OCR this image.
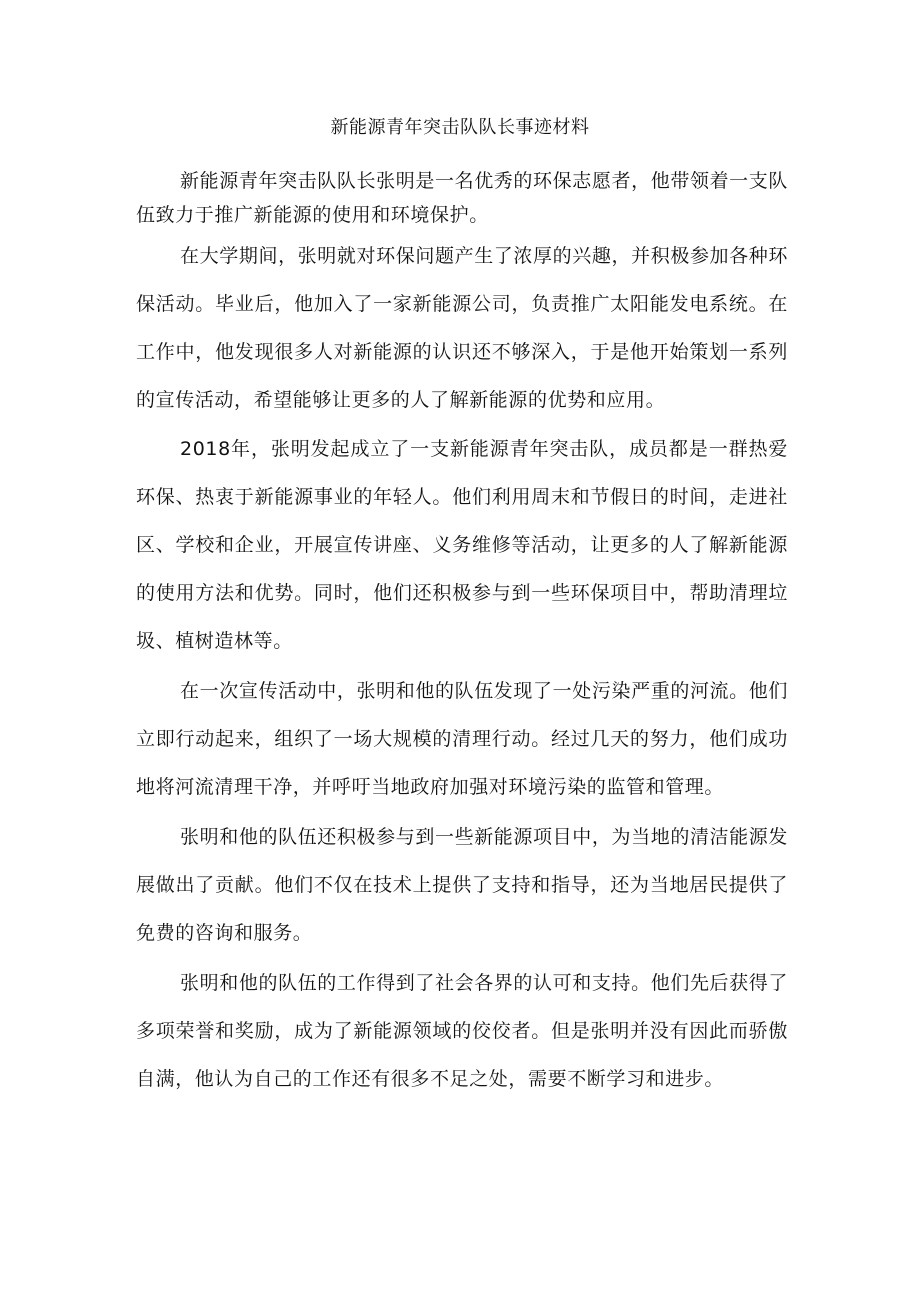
新能源青年突击队队长事迹材料

新能源青年突击队队长张明是一名优秀的环保志愿者，他带领着一支队伍致力于推广新能源的使用和环境保护。

在大学期间，张明就对环保问题产生了浓厚的兴趣，并积极参加各种环保活动。毕业后，他加入了一家新能源公司，负责推广太阳能发电系统。在工作中，他发现很多人对新能源的认识还不够深入，于是他开始策划一系列的宣传活动，希望能够让更多的人了解新能源的优势和应用。

2018年，张明发起成立了一支新能源青年突击队，成员都是一群热爱环保、热衷于新能源事业的年轻人。他们利用周末和节假日的时间，走进社区、学校和企业，开展宣传讲座、义务维修等活动，让更多的人了解新能源的使用方法和优势。同时，他们还积极参与到一些环保项目中，帮助清理垃圾、植树造林等。

在一次宣传活动中，张明和他的队伍发现了一处污染严重的河流。他们立即行动起来，组织了一场大规模的清理行动。经过几天的努力，他们成功地将河流清理干净，并呼吁当地政府加强对环境污染的监管和管理。

张明和他的队伍还积极参与到一些新能源项目中，为当地的清洁能源发展做出了贡献。他们不仅在技术上提供了支持和指导，还为当地居民提供了免费的咨询和服务。

张明和他的队伍的工作得到了社会各界的认可和支持。他们先后获得了多项荣誉和奖励，成为了新能源领域的佼佼者。但是张明并没有因此而骄傲自满，他认为自己的工作还有很多不足之处，需要不断学习和进步。
